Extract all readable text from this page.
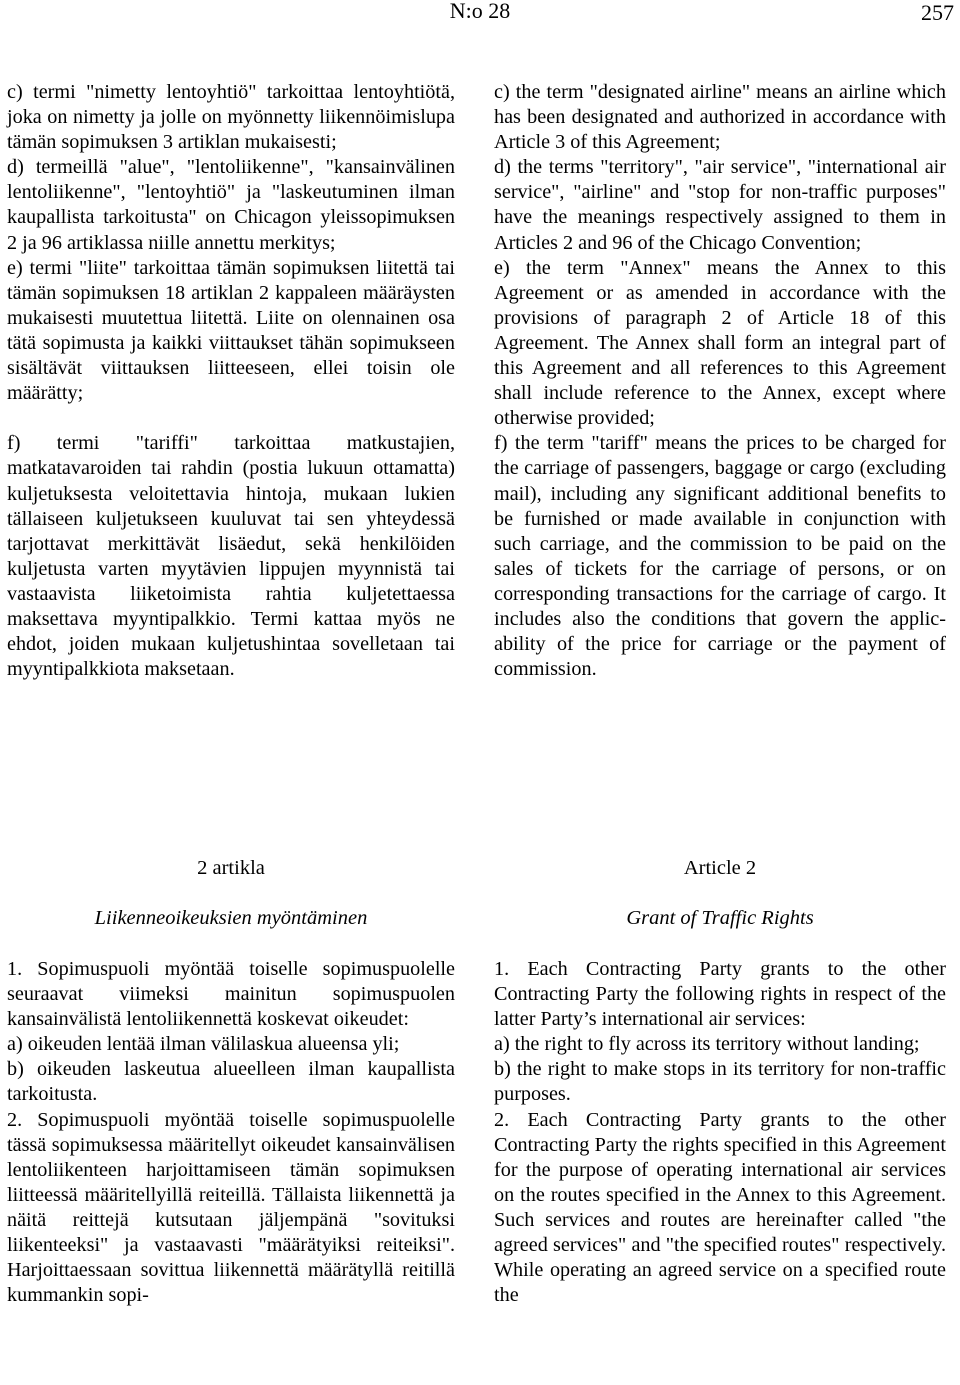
N:o 28	257

c) termi "nimetty lentoyhtiö" tarkoittaa lentoyhtiötä, joka on nimetty ja jolle on myönnetty liikennöimislupa tämän sopimuksen 3 artiklan mukaisesti;

d) termeillä "alue", "lentoliikenne", "kansainvälinen lentoliikenne", "lentoyhtiö" ja "laskeutuminen ilman kaupallista tarkoitusta" on Chicagon yleissopimuksen 2 ja 96 artiklassa niille annettu merkitys;

e) termi "liite" tarkoittaa tämän sopimuksen liitettä tai tämän sopimuksen 18 artiklan 2 kappaleen määräysten mukaisesti muutettua liitettä. Liite on olennainen osa tätä sopimusta ja kaikki viittaukset tähän sopimukseen sisältävät viittauksen liitteeseen, ellei toisin ole määrätty;

f) termi "tariffi" tarkoittaa matkustajien, matkatavaroiden tai rahdin (postia lukuun ottamatta) kuljetuksesta veloitettavia hintoja, mukaan lukien tällaiseen kuljetukseen kuuluvat tai sen yhteydessä tarjottavat merkittävät lisäedut, sekä henkilöiden kuljetusta varten myytävien lippujen myynnistä tai vastaavista liiketoimista rahtia kuljetettaessa maksettava myyntipalkkio. Termi kattaa myös ne ehdot, joiden mukaan kuljetushintaa sovelletaan tai myyntipalkkiota maksetaan.

c) the term "designated airline" means an airline which has been designated and authorized in accordance with Article 3 of this Agreement;

d) the terms "territory", "air service", "international air service", "airline" and "stop for non-traffic purposes" have the meanings respectively assigned to them in Articles 2 and 96 of the Chicago Convention;

e) the term "Annex" means the Annex to this Agreement or as amended in accordance with the provisions of paragraph 2 of Article 18 of this Agreement. The Annex shall form an integral part of this Agreement and all references to this Agreement shall include reference to the Annex, except where otherwise provided;

f) the term "tariff" means the prices to be charged for the carriage of passengers, baggage or cargo (excluding mail), including any significant additional benefits to be furnished or made available in conjunction with such carriage, and the commission to be paid on the sales of tickets for the carriage of persons, or on corresponding transactions for the carriage of cargo. It includes also the conditions that govern the applicability of the price for carriage or the payment of commission.

2 artikla
Liikenneoikeuksien myöntäminen
Article 2
Grant of Traffic Rights

1. Sopimuspuoli myöntää toiselle sopimuspuolelle seuraavat viimeksi mainitun sopimuspuolen kansainvälistä lentoliikennettä koskevat oikeudet:

a) oikeuden lentää ilman välilaskua alueensa yli;

b) oikeuden laskeutua alueelleen ilman kaupallista tarkoitusta.

2. Sopimuspuoli myöntää toiselle sopimuspuolelle tässä sopimuksessa määritellyt oikeudet kansainvälisen lentoliikenteen harjoittamiseen tämän sopimuksen liitteessä määritellyillä reiteillä. Tällaista liikennettä ja näitä reittejä kutsutaan jäljempänä "sovituksi liikenteeksi" ja vastaavasti "määrätyiksi reiteiksi". Harjoittaessaan sovittua liikennettä määrätyllä reitillä kummankin sopi-

1. Each Contracting Party grants to the other Contracting Party the following rights in respect of the latter Party’s international air services:

a) the right to fly across its territory without landing;

b) the right to make stops in its territory for non-traffic purposes.

2. Each Contracting Party grants to the other Contracting Party the rights specified in this Agreement for the purpose of operating international air services on the routes specified in the Annex to this Agreement. Such services and routes are hereinafter called "the agreed services" and "the specified routes" respectively. While operating an agreed service on a specified route the
